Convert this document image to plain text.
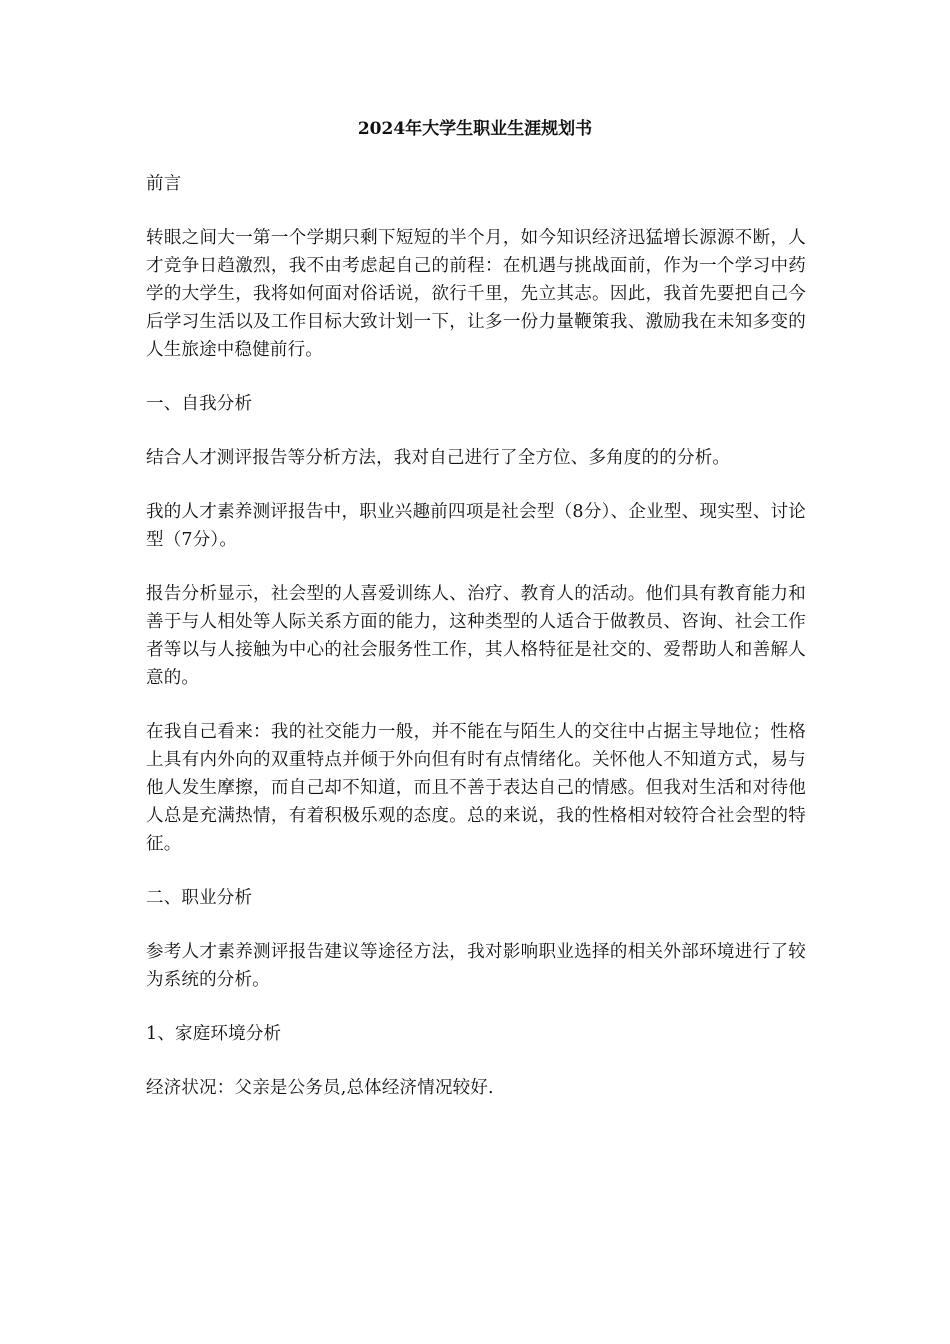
2024年大学生职业生涯规划书

前言

转眼之间大一第一个学期只剩下短短的半个月，如今知识经济迅猛增长源源不断，人才竞争日趋激烈，我不由考虑起自己的前程：在机遇与挑战面前，作为一个学习中药学的大学生，我将如何面对俗话说，欲行千里，先立其志。因此，我首先要把自己今后学习生活以及工作目标大致计划一下，让多一份力量鞭策我、激励我在未知多变的人生旅途中稳健前行。

一、自我分析

结合人才测评报告等分析方法，我对自己进行了全方位、多角度的的分析。

我的人才素养测评报告中，职业兴趣前四项是社会型（8分）、企业型、现实型、讨论型（7分）。

报告分析显示，社会型的人喜爱训练人、治疗、教育人的活动。他们具有教育能力和善于与人相处等人际关系方面的能力，这种类型的人适合于做教员、咨询、社会工作者等以与人接触为中心的社会服务性工作，其人格特征是社交的、爱帮助人和善解人意的。

在我自己看来：我的社交能力一般，并不能在与陌生人的交往中占据主导地位；性格上具有内外向的双重特点并倾于外向但有时有点情绪化。关怀他人不知道方式，易与他人发生摩擦，而自己却不知道，而且不善于表达自己的情感。但我对生活和对待他人总是充满热情，有着积极乐观的态度。总的来说，我的性格相对较符合社会型的特征。

二、职业分析

参考人才素养测评报告建议等途径方法，我对影响职业选择的相关外部环境进行了较为系统的分析。

1、家庭环境分析

经济状况：父亲是公务员,总体经济情况较好.
